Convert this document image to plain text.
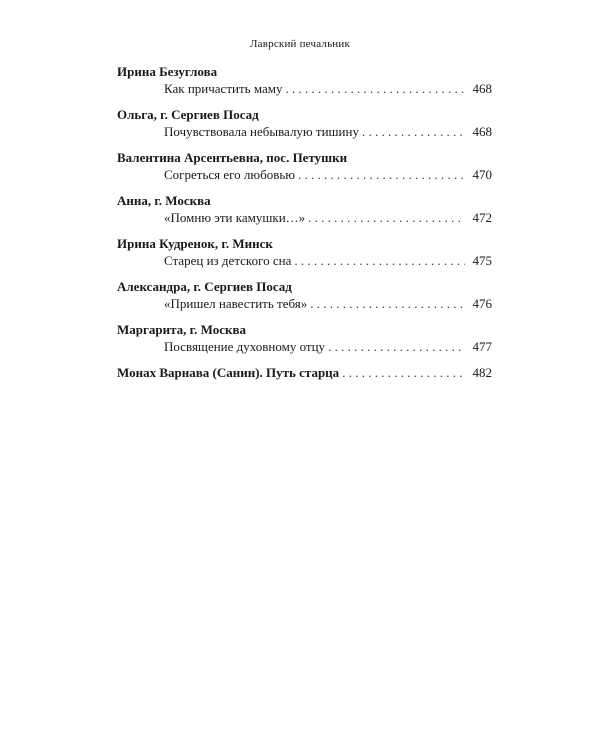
Лаврский печальник
Ирина Безуглова
Как причастить маму . . .	468
Ольга, г. Сергиев Посад
Почувствовала небывалую тишину . . .	468
Валентина Арсентьевна, пос. Петушки
Согреться его любовью . . .	470
Анна, г. Москва
«Помню эти камушки…» . . .	472
Ирина Кудренок, г. Минск
Старец из детского сна . . .	475
Александра, г. Сергиев Посад
«Пришел навестить тебя» . . .	476
Маргарита, г. Москва
Посвящение духовному отцу . . .	477
Монах Варнава (Санин). Путь старца . . .	482
